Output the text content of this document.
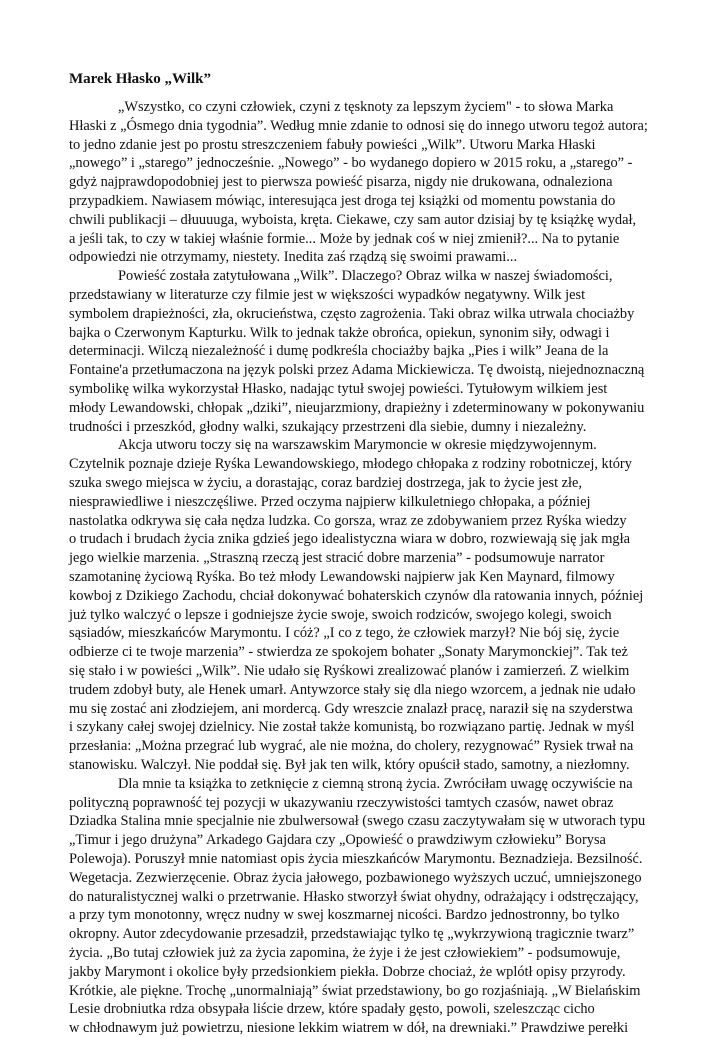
Marek Hłasko „Wilk”
„Wszystko, co czyni człowiek, czyni z tęsknoty za lepszym życiem" - to słowa Marka
Hłaski z „Ósmego dnia tygodnia”. Według mnie zdanie to odnosi się do innego utworu tegoż autora;
to jedno zdanie jest po prostu streszczeniem fabuły powieści „Wilk”. Utworu Marka Hłaski
„nowego” i „starego” jednocześnie. „Nowego” - bo wydanego dopiero w 2015 roku, a „starego” -
gdyż najprawdopodobniej jest to pierwsza powieść pisarza, nigdy nie drukowana, odnaleziona
przypadkiem. Nawiasem mówiąc, interesująca jest droga tej książki od momentu powstania do
chwili publikacji – dłuuuuga, wyboista, kręta. Ciekawe, czy sam autor dzisiaj by tę książkę wydał,
a jeśli tak, to czy w takiej właśnie formie... Może by jednak coś w niej zmienił?... Na to pytanie
odpowiedzi nie otrzymamy, niestety. Inedita zaś rządzą się swoimi prawami...
Powieść została zatytułowana „Wilk”. Dlaczego? Obraz wilka w naszej świadomości,
przedstawiany w literaturze czy filmie jest w większości wypadków negatywny. Wilk jest
symbolem drapieżności, zła, okrucieństwa, często zagrożenia. Taki obraz wilka utrwala chociażby
bajka o Czerwonym Kapturku. Wilk to jednak także obrońca, opiekun, synonim siły, odwagi i
determinacji. Wilczą niezależność i dumę podkreśla chociażby bajka „Pies i wilk” Jeana de la
Fontaine'a przetłumaczona na język polski przez Adama Mickiewicza. Tę dwoistą, niejednoznaczną
symbolikę wilka wykorzystał Hłasko, nadając tytuł swojej powieści. Tytułowym wilkiem jest
młody Lewandowski, chłopak „dziki”, nieujarzmiony, drapieżny i zdeterminowany w pokonywaniu
trudności i przeszkód, głodny walki, szukający przestrzeni dla siebie, dumny i niezależny.
Akcja utworu toczy się na warszawskim Marymoncie w okresie międzywojennym.
Czytelnik poznaje dzieje Ryśka Lewandowskiego, młodego chłopaka z rodziny robotniczej, który
szuka swego miejsca w życiu, a dorastając, coraz bardziej dostrzega, jak to życie jest złe,
niesprawiedliwe i nieszczęśliwe. Przed oczyma najpierw kilkuletniego chłopaka, a później
nastolatka odkrywa się cała nędza ludzka. Co gorsza, wraz ze zdobywaniem przez Ryśka wiedzy
o trudach i brudach życia znika gdzieś jego idealistyczna wiara w dobro, rozwiewają się jak mgła
jego wielkie marzenia. „Straszną rzeczą jest stracić dobre marzenia” - podsumowuje narrator
szamotaninę życiową Ryśka. Bo też młody Lewandowski najpierw jak Ken Maynard, filmowy
kowboj z Dzikiego Zachodu, chciał dokonywać bohaterskich czynów dla ratowania innych, później
już tylko walczyć o lepsze i godniejsze życie swoje, swoich rodziców, swojego kolegi, swoich
sąsiadów, mieszkańców Marymontu. I cóż? „I co z tego, że człowiek marzył? Nie bój się, życie
odbierze ci te twoje marzenia” - stwierdza ze spokojem bohater „Sonaty Marymonckiej”. Tak też
się stało i w powieści „Wilk”. Nie udało się Ryśkowi zrealizować planów i zamierzeń. Z wielkim
trudem zdobył buty, ale Henek umarł. Antywzorce stały się dla niego wzorcem, a jednak nie udało
mu się zostać ani złodziejem, ani mordercą. Gdy wreszcie znalazł pracę, naraził się na szyderstwa
i szykany całej swojej dzielnicy. Nie został także komunistą, bo rozwiązano partię. Jednak w myśl
przesłania: „Można przegrać lub wygrać, ale nie można, do cholery, rezygnować” Rysiek trwał na
stanowisku. Walczył. Nie poddał się. Był jak ten wilk, który opuścił stado, samotny, a niezłomny.
Dla mnie ta książka to zetknięcie z ciemną stroną życia. Zwróciłam uwagę oczywiście na
polityczną poprawność tej pozycji w ukazywaniu rzeczywistości tamtych czasów, nawet obraz
Dziadka Stalina mnie specjalnie nie zbulwersował (swego czasu zaczytywałam się w utworach typu
„Timur i jego drużyna” Arkadego Gajdara czy „Opowieść o prawdziwym człowieku” Borysa
Polewoja). Poruszył mnie natomiast opis życia mieszkańców Marymontu. Beznadzieja. Bezsilność.
Wegetacja. Zezwierzęcenie. Obraz życia jałowego, pozbawionego wyższych uczuć, umniejszonego
do naturalistycznej walki o przetrwanie. Hłasko stworzył świat ohydny, odrażający i odstręczający,
a przy tym monotonny, wręcz nudny w swej koszmarnej nicości. Bardzo jednostronny, bo tylko
okropny. Autor zdecydowanie przesadził, przedstawiając tylko tę „wykrzywioną tragicznie twarz”
życia. „Bo tutaj człowiek już za życia zapomina, że żyje i że jest człowiekiem” - podsumowuje,
jakby Marymont i okolice były przedsionkiem piekła. Dobrze chociaż, że wplótł opisy przyrody.
Krótkie, ale piękne. Trochę „unormalniają” świat przedstawiony, bo go rozjaśniają. „W Bielańskim
Lesie drobniutka rdza obsypała liście drzew, które spadały gęsto, powoli, szeleszcząc cicho
w chłodnawym już powietrzu, niesione lekkim wiatrem w dół, na drewniaki.” Prawdziwe perełki
